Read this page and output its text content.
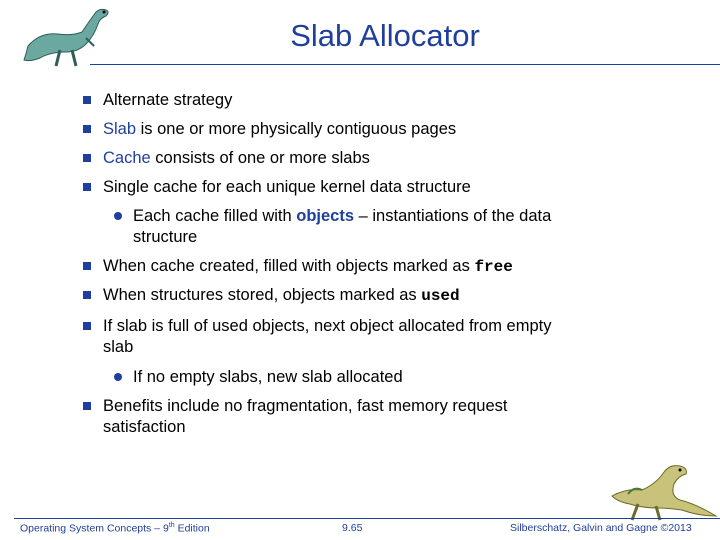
Slab Allocator
Alternate strategy
Slab is one or more physically contiguous pages
Cache consists of one or more slabs
Single cache for each unique kernel data structure
Each cache filled with objects – instantiations of the data
structure
When cache created, filled with objects marked as free
When structures stored, objects marked as used
If slab is full of used objects, next object allocated from empty
slab
If no empty slabs, new slab allocated
Benefits include no fragmentation, fast memory request
satisfaction
Operating System Concepts – 9th Edition	9.65	Silberschatz, Galvin and Gagne ©2013
